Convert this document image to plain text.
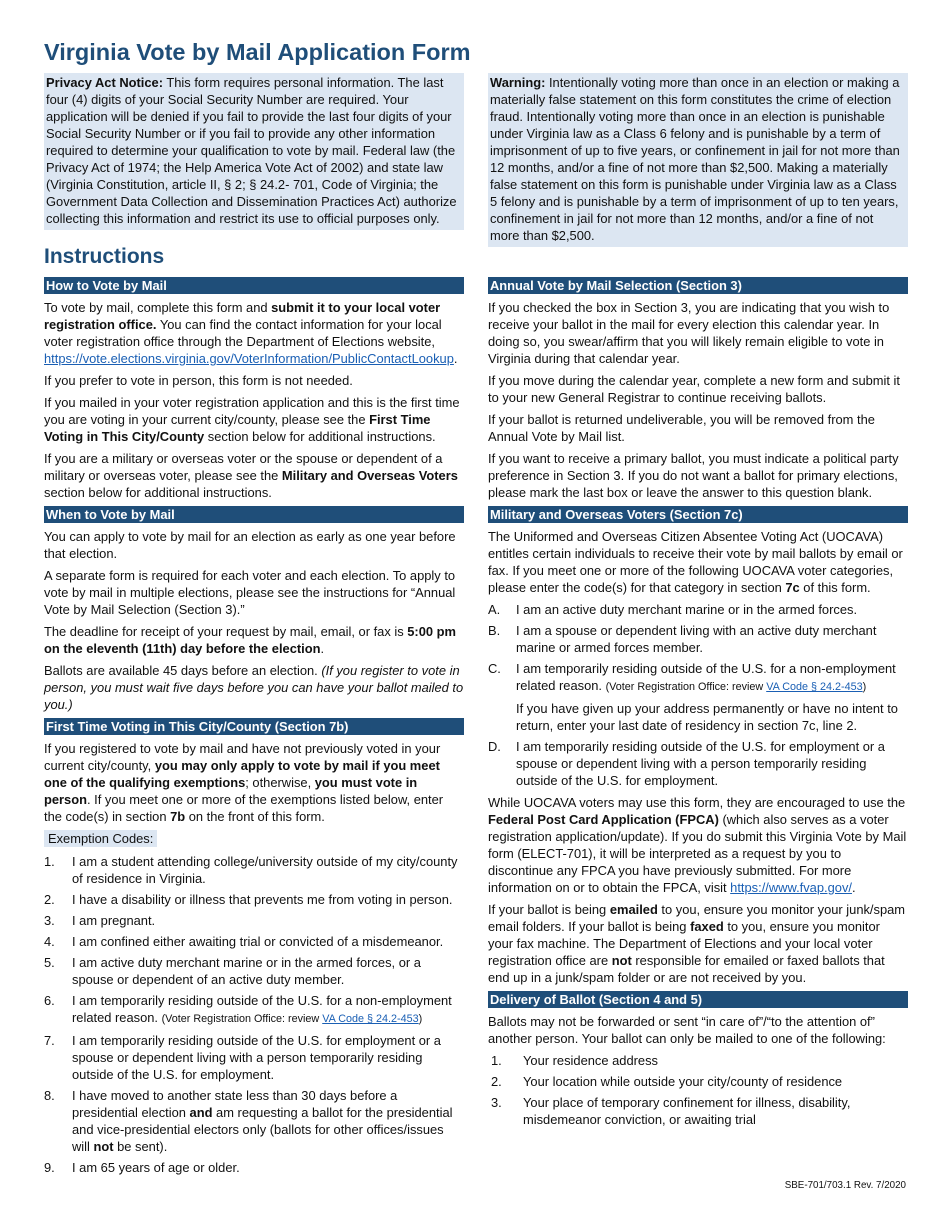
Virginia Vote by Mail Application Form

Privacy Act Notice: This form requires personal information. The last four (4) digits of your Social Security Number are required. Your application will be denied if you fail to provide the last four digits of your Social Security Number or if you fail to provide any other information required to determine your qualification to vote by mail. Federal law (the Privacy Act of 1974; the Help America Vote Act of 2002) and state law (Virginia Constitution, article II, § 2; § 24.2- 701, Code of Virginia; the Government Data Collection and Dissemination Practices Act) authorize collecting this information and restrict its use to official purposes only.

Warning: Intentionally voting more than once in an election or making a materially false statement on this form constitutes the crime of election fraud. Intentionally voting more than once in an election is punishable under Virginia law as a Class 6 felony and is punishable by a term of imprisonment of up to five years, or confinement in jail for not more than 12 months, and/or a fine of not more than $2,500. Making a materially false statement on this form is punishable under Virginia law as a Class 5 felony and is punishable by a term of imprisonment of up to ten years, confinement in jail for not more than 12 months, and/or a fine of not more than $2,500.

Instructions
How to Vote by Mail

To vote by mail, complete this form and submit it to your local voter registration office. You can find the contact information for your local voter registration office through the Department of Elections website, https://vote.elections.virginia.gov/VoterInformation/PublicContactLookup.

If you prefer to vote in person, this form is not needed.

If you mailed in your voter registration application and this is the first time you are voting in your current city/county, please see the First Time Voting in This City/County section below for additional instructions.

If you are a military or overseas voter or the spouse or dependent of a military or overseas voter, please see the Military and Overseas Voters section below for additional instructions.

When to Vote by Mail

You can apply to vote by mail for an election as early as one year before that election.

A separate form is required for each voter and each election. To apply to vote by mail in multiple elections, please see the instructions for “Annual Vote by Mail Selection (Section 3).”

The deadline for receipt of your request by mail, email, or fax is 5:00 pm on the eleventh (11th) day before the election.

Ballots are available 45 days before an election. (If you register to vote in person, you must wait five days before you can have your ballot mailed to you.)

First Time Voting in This City/County (Section 7b)

If you registered to vote by mail and have not previously voted in your current city/county, you may only apply to vote by mail if you meet one of the qualifying exemptions; otherwise, you must vote in person. If you meet one or more of the exemptions listed below, enter the code(s) in section 7b on the front of this form.

Exemption Codes:
1. I am a student attending college/university outside of my city/county of residence in Virginia.
2. I have a disability or illness that prevents me from voting in person.
3. I am pregnant.
4. I am confined either awaiting trial or convicted of a misdemeanor.
5. I am active duty merchant marine or in the armed forces, or a spouse or dependent of an active duty member.
6. I am temporarily residing outside of the U.S. for a non-employment related reason. (Voter Registration Office: review VA Code § 24.2-453)
7. I am temporarily residing outside of the U.S. for employment or a spouse or dependent living with a person temporarily residing outside of the U.S. for employment.
8. I have moved to another state less than 30 days before a presidential election and am requesting a ballot for the presidential and vice-presidential electors only (ballots for other offices/issues will not be sent).
9. I am 65 years of age or older.
Annual Vote by Mail Selection (Section 3)

If you checked the box in Section 3, you are indicating that you wish to receive your ballot in the mail for every election this calendar year. In doing so, you swear/affirm that you will likely remain eligible to vote in Virginia during that calendar year.

If you move during the calendar year, complete a new form and submit it to your new General Registrar to continue receiving ballots.

If your ballot is returned undeliverable, you will be removed from the Annual Vote by Mail list.

If you want to receive a primary ballot, you must indicate a political party preference in Section 3. If you do not want a ballot for primary elections, please mark the last box or leave the answer to this question blank.

Military and Overseas Voters (Section 7c)

The Uniformed and Overseas Citizen Absentee Voting Act (UOCAVA) entitles certain individuals to receive their vote by mail ballots by email or fax. If you meet one or more of the following UOCAVA voter categories, please enter the code(s) for that category in section 7c of this form.

A. I am an active duty merchant marine or in the armed forces.
B. I am a spouse or dependent living with an active duty merchant marine or armed forces member.
C. I am temporarily residing outside of the U.S. for a non-employment related reason. (Voter Registration Office: review VA Code § 24.2-453)
If you have given up your address permanently or have no intent to return, enter your last date of residency in section 7c, line 2.
D. I am temporarily residing outside of the U.S. for employment or a spouse or dependent living with a person temporarily residing outside of the U.S. for employment.

While UOCAVA voters may use this form, they are encouraged to use the Federal Post Card Application (FPCA) (which also serves as a voter registration application/update). If you do submit this Virginia Vote by Mail form (ELECT-701), it will be interpreted as a request by you to discontinue any FPCA you have previously submitted. For more information on or to obtain the FPCA, visit https://www.fvap.gov/.

If your ballot is being emailed to you, ensure you monitor your junk/spam email folders. If your ballot is being faxed to you, ensure you monitor your fax machine. The Department of Elections and your local voter registration office are not responsible for emailed or faxed ballots that end up in a junk/spam folder or are not received by you.

Delivery of Ballot (Section 4 and 5)

Ballots may not be forwarded or sent “in care of”/“to the attention of” another person. Your ballot can only be mailed to one of the following:

1. Your residence address
2. Your location while outside your city/county of residence
3. Your place of temporary confinement for illness, disability, misdemeanor conviction, or awaiting trial
SBE-701/703.1 Rev. 7/2020
